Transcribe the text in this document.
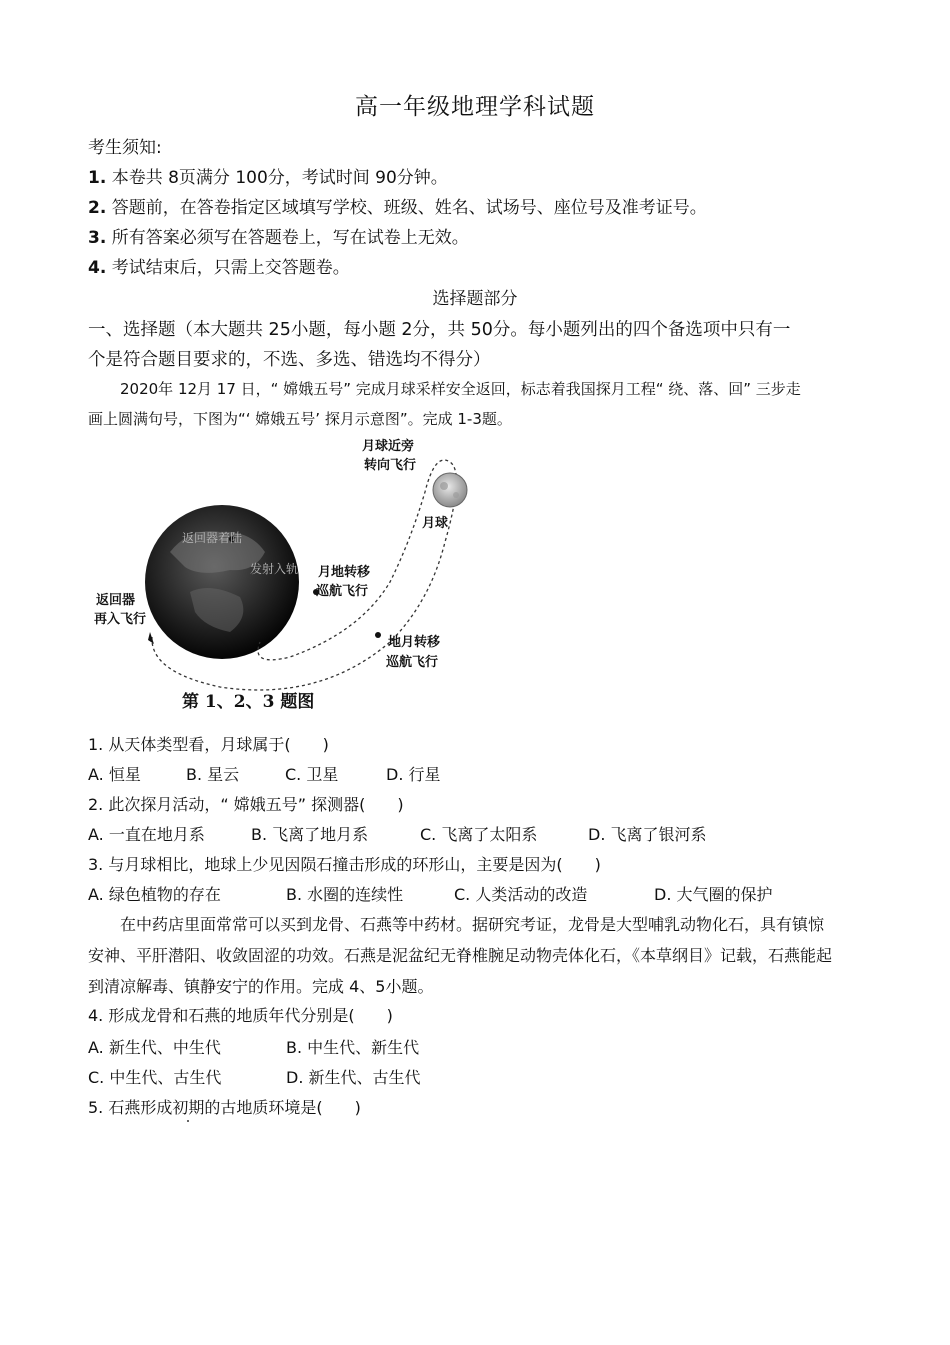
高一年级地理学科试题
考生须知:
1. 本卷共 8页满分 100分，考试时间 90分钟。
2. 答题前，在答卷指定区域填写学校、班级、姓名、试场号、座位号及准考证号。
3. 所有答案必须写在答题卷上，写在试卷上无效。
4. 考试结束后，只需上交答题卷。
选择题部分
一、选择题（本大题共 25小题，每小题 2分，共 50分。每小题列出的四个备选项中只有一
个是符合题目要求的，不选、多选、错选均不得分）
2020年 12月 17 日，“ 嫦娥五号” 完成月球采样安全返回，标志着我国探月工程“ 绕、落、回” 三步走
画上圆满句号，下图为“‘ 嫦娥五号’ 探月示意图”。完成 1-3题。
月球近旁
转向飞行
月球
月地转移
巡航飞行
地月转移
巡航飞行
返回器
再入飞行
返回器着陆
发射入轨
第 1、2、3 题图
1. 从天体类型看，月球属于(　　)
A. 恒星	B. 星云	C. 卫星	D. 行星
2. 此次探月活动，“ 嫦娥五号” 探测器(　　)
A. 一直在地月系	B. 飞离了地月系	C. 飞离了太阳系	D. 飞离了银河系
3. 与月球相比，地球上少见因陨石撞击形成的环形山，主要是因为(　　)
A. 绿色植物的存在	B. 水圈的连续性	C. 人类活动的改造	D. 大气圈的保护
在中药店里面常常可以买到龙骨、石燕等中药材。据研究考证，龙骨是大型哺乳动物化石，具有镇惊
安神、平肝潜阳、收敛固涩的功效。石燕是泥盆纪无脊椎腕足动物壳体化石，《本草纲目》记载，石燕能起
到清凉解毒、镇静安宁的作用。完成 4、5小题。
4. 形成龙骨和石燕的地质年代分别是(　　)
A. 新生代、中生代	B. 中生代、新生代
C. 中生代、古生代	D. 新生代、古生代
5. 石燕形成初期的古地质环境是(　　)
